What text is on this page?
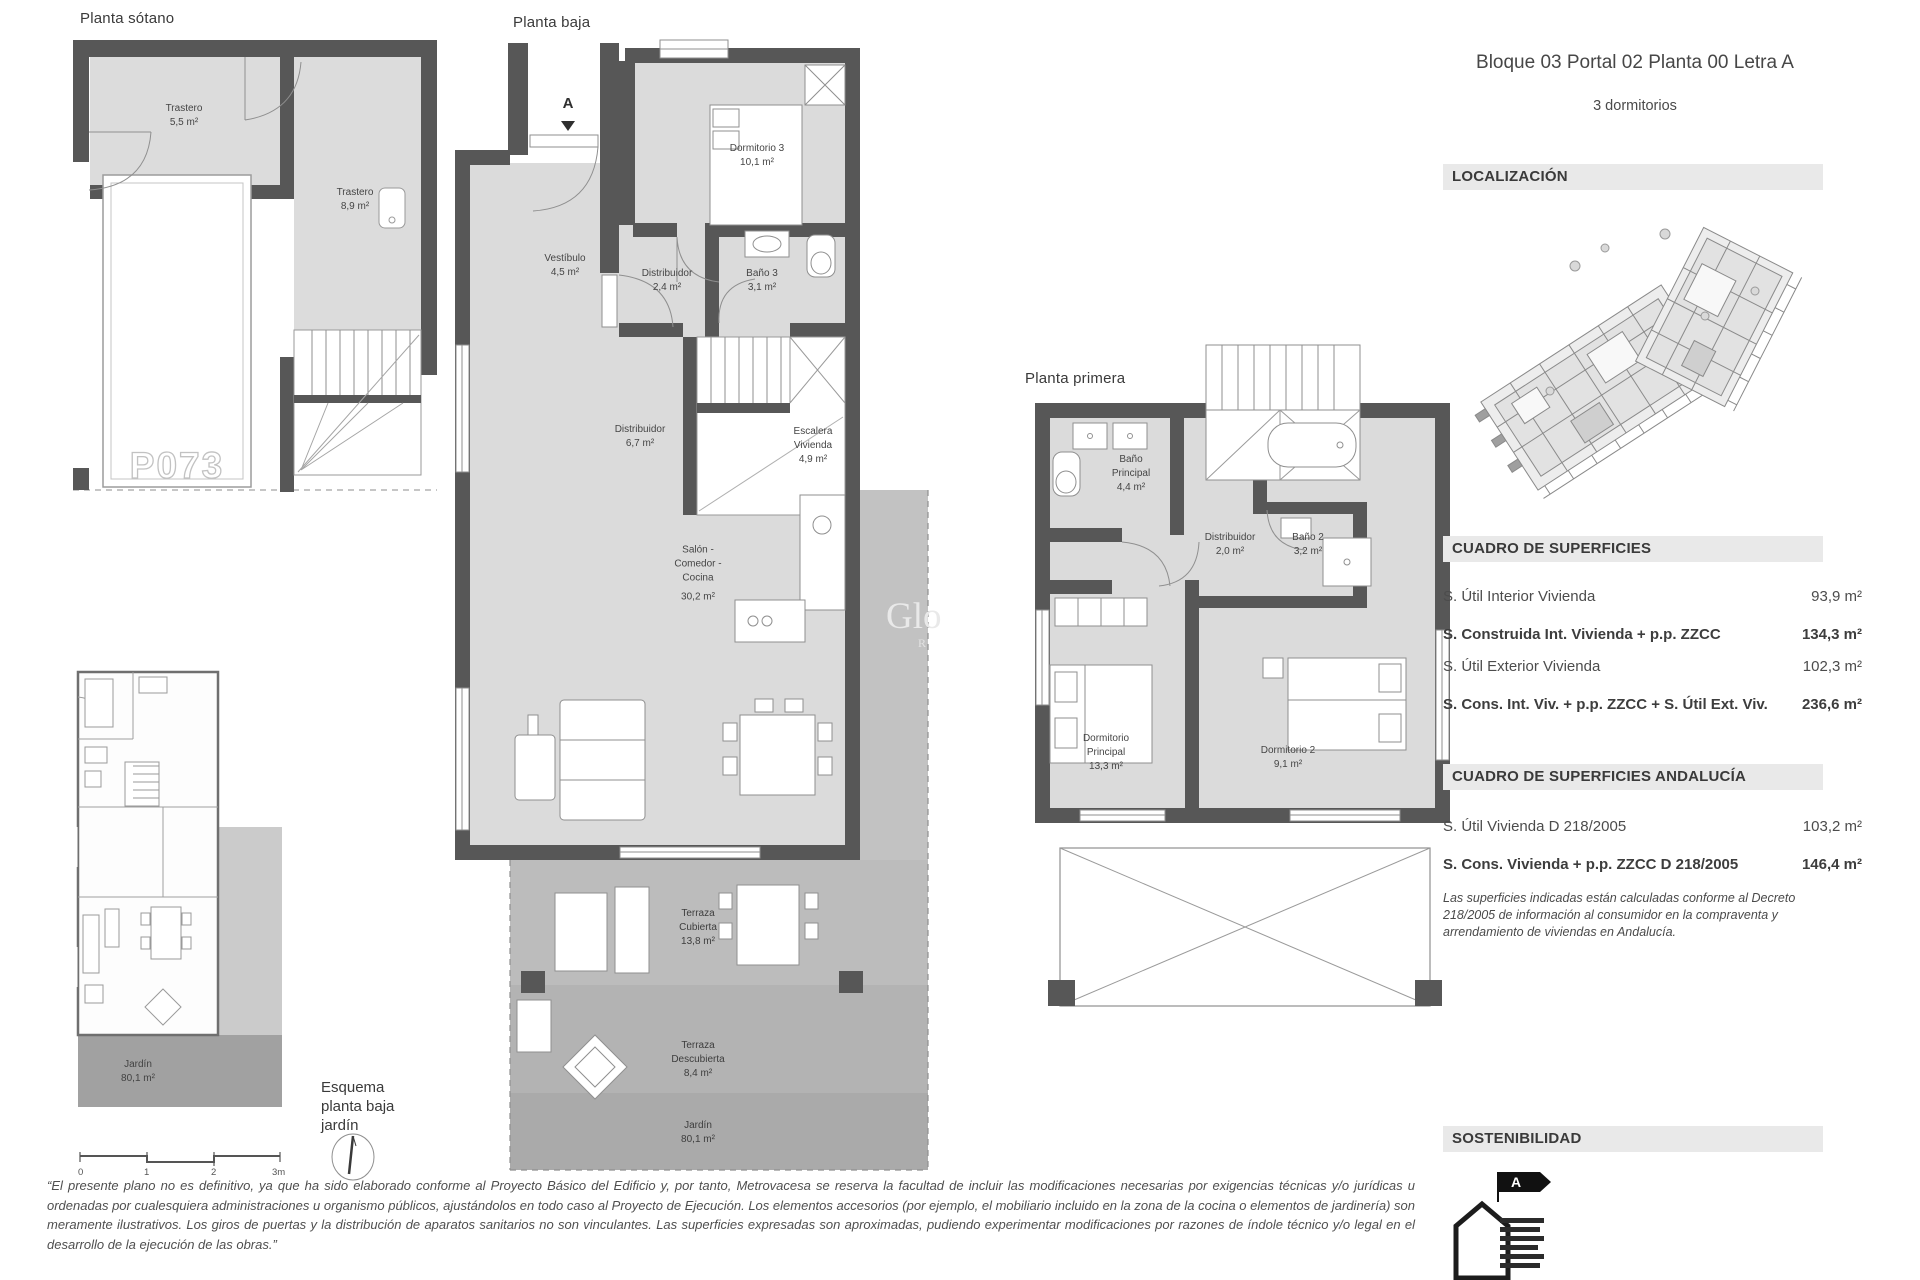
Planta sótano	Planta baja
Planta primera
P073
0	1	2	3m
Trastero
5,5 m²
Trastero
8,9 m²
A
Vestíbulo
4,5 m²	Distribuidor
2,4 m²
Baño 3
3,1 m²
Dormitorio 3
10,1 m²
Distribuidor
6,7 m²
Escalera
Vivienda
4,9 m²
Salón -
Comedor -
Cocina
30,2 m²
Terraza
Cubierta
13,8 m²
Terraza
Descubierta
8,4 m²
Jardín
80,1 m²
Baño
Principal
4,4 m²
Distribuidor
2,0 m²
Baño 2
3,2 m²
Dormitorio
Principal
13,3 m²
Dormitorio 2
9,1 m²
Jardín
80,1 m²
Glo
R
Esquema
planta baja
jardín
Bloque 03 Portal 02 Planta 00 Letra A
3 dormitorios
LOCALIZACIÓN
CUADRO DE SUPERFICIES
S. Útil Interior Vivienda	93,9 m²
S. Construida Int. Vivienda + p.p. ZZCC	134,3 m²
S. Útil Exterior Vivienda	102,3 m²
S. Cons. Int. Viv. + p.p. ZZCC + S. Útil Ext. Viv. 236,6 m²
CUADRO DE SUPERFICIES ANDALUCÍA
S. Útil Vivienda D 218/2005	103,2 m²
S. Cons. Vivienda + p.p. ZZCC D 218/2005	146,4 m²
Las superficies indicadas están calculadas conforme al Decreto 218/2005 de información al consumidor en la compraventa y arrendamiento de viviendas en Andalucía.
SOSTENIBILIDAD
A
“El presente plano no es definitivo, ya que ha sido elaborado conforme al Proyecto Básico del Edificio y, por tanto, Metrovacesa se reserva la facultad de incluir las modificaciones necesarias por exigencias técnicas y/o jurídicas u ordenadas por cualesquiera administraciones u organismo públicos, ajustándolos en todo caso al Proyecto de Ejecución. Los elementos accesorios (por ejemplo, el mobiliario incluido en la zona de la cocina o elementos de jardinería) son meramente ilustrativos. Los giros de puertas y la distribución de aparatos sanitarios no son vinculantes. Las superficies expresadas son aproximadas, pudiendo experimentar modificaciones por razones de índole técnico y/o legal en el desarrollo de la ejecución de las obras.”
